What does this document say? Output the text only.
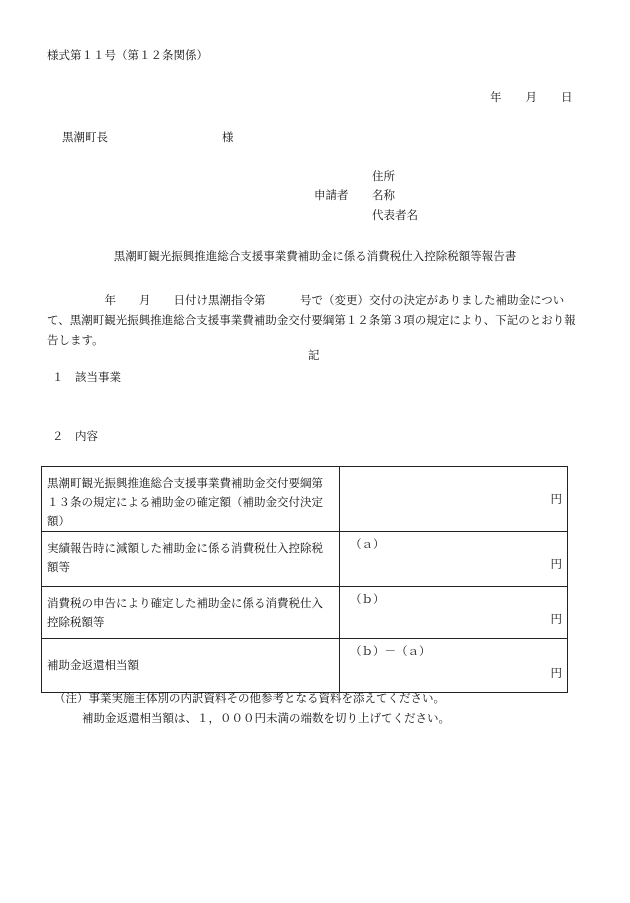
様式第１１号（第１２条関係）
年 月 日
黒潮町長	様
住所
申請者 名称
代表者名
黒潮町観光振興推進総合支援事業費補助金に係る消費税仕入控除税額等報告書
　　　　　年　　月　　日付け黒潮指令第　　　号で（変更）交付の決定がありました補助金について、黒潮町観光振興推進総合支援事業費補助金交付要綱第１２条第３項の規定により、下記のとおり報告します。
記
１　該当事業
２　内容
黒潮町観光振興推進総合支援事業費補助金交付要綱第１３条の規定による補助金の確定額（補助金交付決定額）	円

実績報告時に減額した補助金に係る消費税仕入控除税額等	（ａ）
円

消費税の申告により確定した補助金に係る消費税仕入控除税額等	（ｂ）
円

補助金返還相当額	（ｂ）－（ａ）
円
（注）事業実施主体別の内訳資料その他参考となる資料を添えてください。
補助金返還相当額は、１，０００円未満の端数を切り上げてください。
